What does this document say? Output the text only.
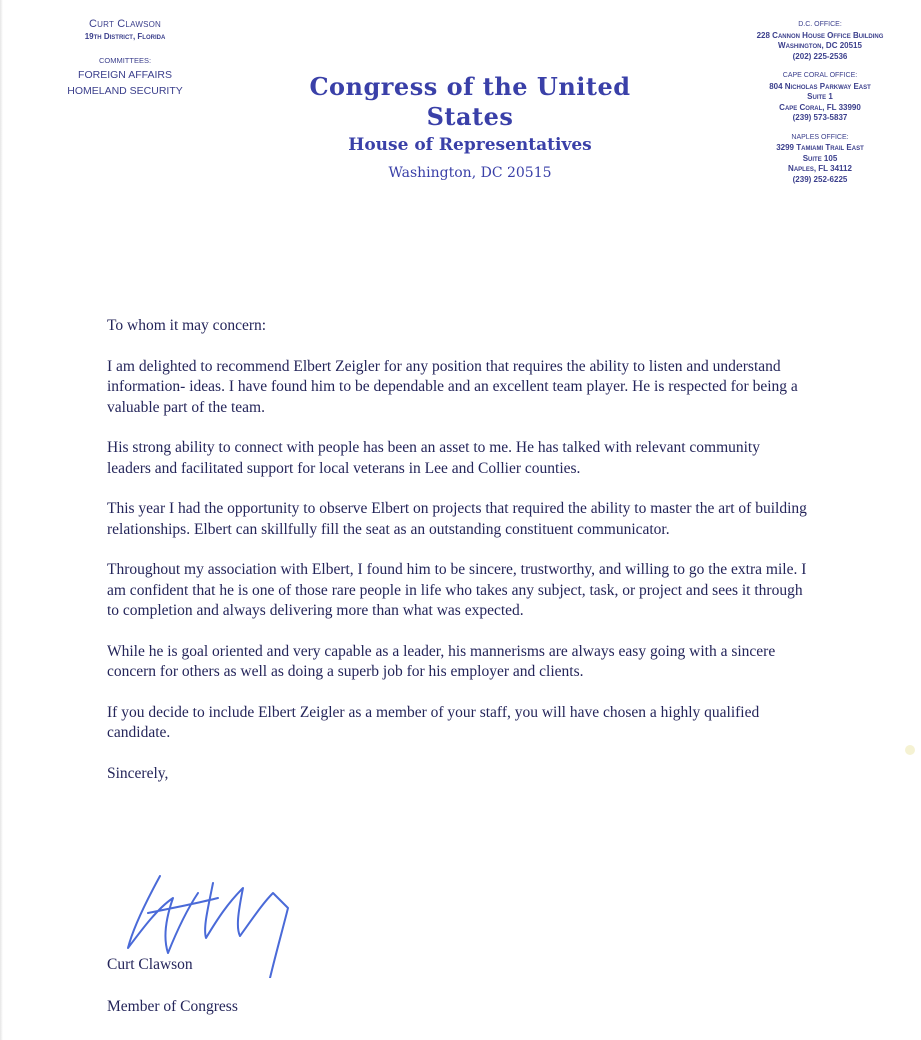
Curt Clawson
19th District, Florida
COMMITTEES:
FOREIGN AFFAIRS
HOMELAND SECURITY	Congress of the United States
House of Representatives
Washington, DC 20515
D.C. OFFICE:
228 Cannon House Office Building
Washington, DC 20515
(202) 225-2536
CAPE CORAL OFFICE:
804 Nicholas Parkway East
Suite 1
Cape Coral, FL 33990
(239) 573-5837
NAPLES OFFICE:
3299 Tamiami Trail East
Suite 105
Naples, FL 34112
(239) 252-6225

To whom it may concern:

I am delighted to recommend Elbert Zeigler for any position that requires the ability to listen and understand information- ideas. I have found him to be dependable and an excellent team player. He is respected for being a valuable part of the team.

His strong ability to connect with people has been an asset to me. He has talked with relevant community leaders and facilitated support for local veterans in Lee and Collier counties.

This year I had the opportunity to observe Elbert on projects that required the ability to master the art of building relationships. Elbert can skillfully fill the seat as an outstanding constituent communicator.

Throughout my association with Elbert, I found him to be sincere, trustworthy, and willing to go the extra mile. I am confident that he is one of those rare people in life who takes any subject, task, or project and sees it through to completion and always delivering more than what was expected.

While he is goal oriented and very capable as a leader, his mannerisms are always easy going with a sincere concern for others as well as doing a superb job for his employer and clients.

If you decide to include Elbert Zeigler as a member of your staff, you will have chosen a highly qualified candidate.

Sincerely,

Curt Clawson
Member of Congress
